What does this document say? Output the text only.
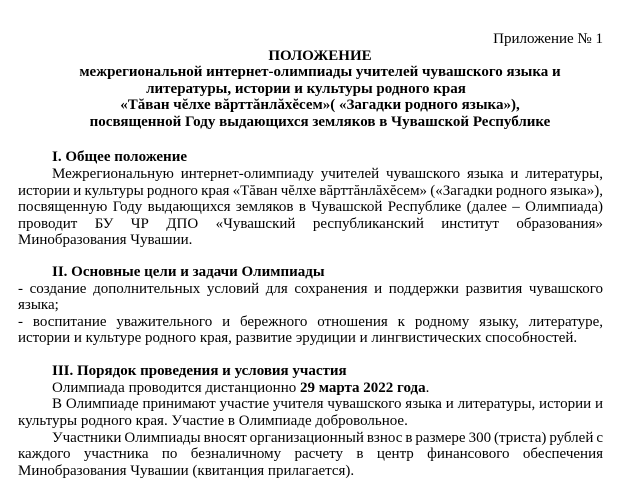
Приложение № 1
ПОЛОЖЕНИЕ
межрегиональной интернет-олимпиады учителей чувашского языка и
литературы, истории и культуры родного края
«Тăван чĕлхе вăрттăнлăхĕсем»( «Загадки родного языка»),
посвященной Году выдающихся земляков в Чувашской Республике
I. Общее положение
Межрегиональную интернет-олимпиаду учителей чувашского языка и литературы,
истории и культуры родного края «Тăван чĕлхе вăрттăнлăхĕсем» («Загадки родного языка»),
посвященную Году выдающихся земляков в Чувашской Республике (далее – Олимпиада)
проводит БУ ЧР ДПО «Чувашский республиканский институт образования»
Минобразования Чувашии.
II. Основные цели и задачи Олимпиады
- создание дополнительных условий для сохранения и поддержки развития чувашского
языка;
- воспитание уважительного и бережного отношения к родному языку, литературе,
истории и культуре родного края, развитие эрудиции и лингвистических способностей.
III. Порядок проведения и условия участия
Олимпиада проводится дистанционно 29 марта 2022 года.
В Олимпиаде принимают участие учителя чувашского языка и литературы, истории и
культуры родного края. Участие в Олимпиаде добровольное.
Участники Олимпиады вносят организационный взнос в размере 300 (триста) рублей с
каждого участника по безналичному расчету в центр финансового обеспечения
Минобразования Чувашии (квитанция прилагается).
